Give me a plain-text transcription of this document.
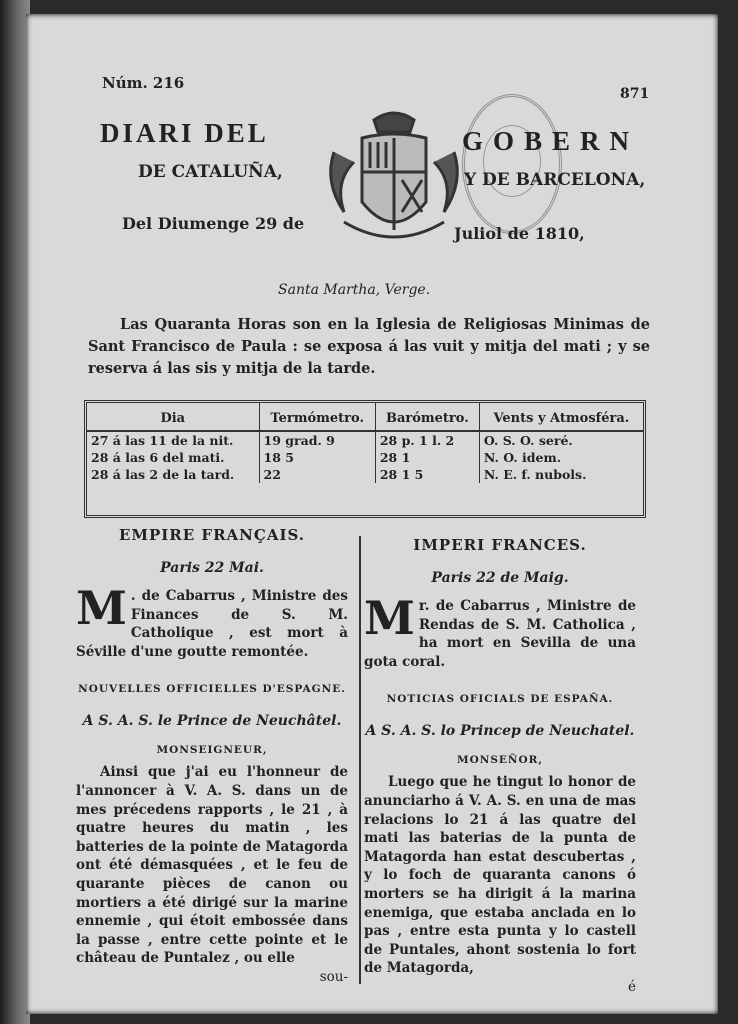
Núm. 216
871
DIARI DEL	GOBERN
DE CATALUÑA,	Y DE BARCELONA,
Del Diumenge 29 de
Juliol de 1810,
Santa Martha, Verge.
Las Quaranta Horas son en la Iglesia de Religiosas Minimas de Sant Francisco de Paula : se exposa á las vuit y mitja del mati ; y se reserva á las sis y mitja de la tarde.
Dia	Termómetro.	Barómetro.	Vents y Atmosféra.
27 á las 11 de la nit.	19 grad. 9	28 p. 1 l. 2	O. S. O. seré.
28 á las 6 del mati.	18 5	28 1	N. O. idem.
28 á las 2 de la tard.	22	28 1 5	N. E. f. nubols.
EMPIRE FRANÇAIS.
Paris 22 Mai.
M . de Cabarrus , Ministre des Finances de S. M. Catholique , est mort à Séville d'une goutte remontée.
NOUVELLES OFFICIELLES D'ESPAGNE.
A S. A. S. le Prince de Neuchâtel.
MONSEIGNEUR,
Ainsi que j'ai eu l'honneur de l'annoncer à V. A. S. dans un de mes précedens rapports , le 21 , à quatre heures du matin , les batteries de la pointe de Matagorda ont été démasquées , et le feu de quarante pièces de canon ou mortiers a été dirigé sur la marine ennemie , qui étoit embossée dans la passe , entre cette pointe et le château de Puntalez , ou elle
sou-
IMPERI FRANCES.
Paris 22 de Maig.
Mr. de Cabarrus , Ministre de Rendas de S. M. Catholica , ha mort en Sevilla de una gota coral.
NOTICIAS OFICIALS DE ESPAÑA.
A S. A. S. lo Princep de Neuchatel.
MONSEÑOR,
Luego que he tingut lo honor de anunciarho á V. A. S. en una de mas relacions lo 21 á las quatre del mati las baterias de la punta de Matagorda han estat descubertas , y lo foch de quaranta canons ó morters se ha dirigit á la marina enemiga, que estaba anclada en lo pas , entre esta punta y lo castell de Puntales, ahont sostenia lo fort de Matagorda,
é
